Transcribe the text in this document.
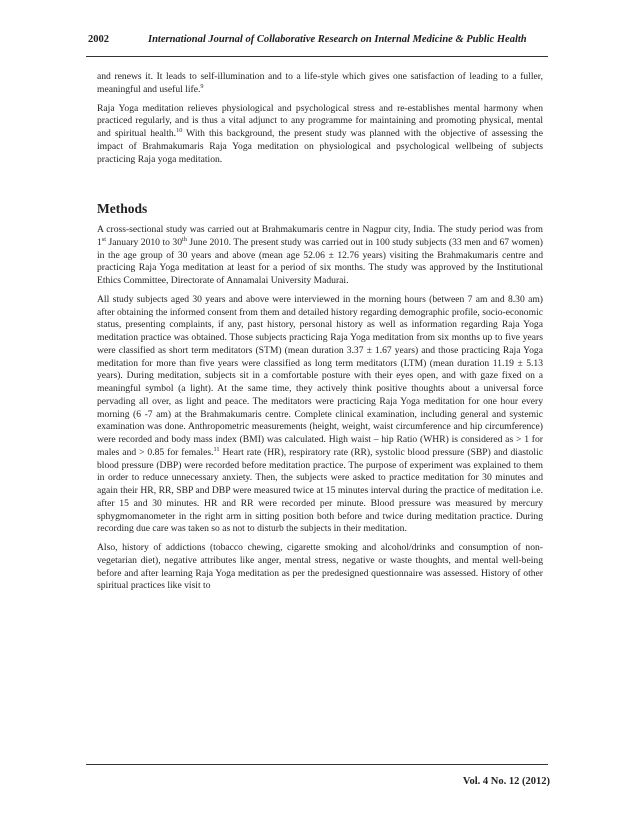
2002	International Journal of Collaborative Research on Internal Medicine & Public Health

and renews it. It leads to self-illumination and to a life-style which gives one satisfaction of leading to a fuller, meaningful and useful life.$^9$

Raja Yoga meditation relieves physiological and psychological stress and re-establishes mental harmony when practiced regularly, and is thus a vital adjunct to any programme for maintaining and promoting physical, mental and spiritual health.$^{10}$ With this background, the present study was planned with the objective of assessing the impact of Brahmakumaris Raja Yoga meditation on physiological and psychological wellbeing of subjects practicing Raja yoga meditation.

Methods

A cross-sectional study was carried out at Brahmakumaris centre in Nagpur city, India. The study period was from 1st January 2010 to 30th June 2010. The present study was carried out in 100 study subjects (33 men and 67 women) in the age group of 30 years and above (mean age 52.06 ± 12.76 years) visiting the Brahmakumaris centre and practicing Raja Yoga meditation at least for a period of six months. The study was approved by the Institutional Ethics Committee, Directorate of Annamalai University Madurai.

All study subjects aged 30 years and above were interviewed in the morning hours (between 7 am and 8.30 am) after obtaining the informed consent from them and detailed history regarding demographic profile, socio-economic status, presenting complaints, if any, past history, personal history as well as information regarding Raja Yoga meditation practice was obtained. Those subjects practicing Raja Yoga meditation from six months up to five years were classified as short term meditators (STM) (mean duration 3.37 ± 1.67 years) and those practicing Raja Yoga meditation for more than five years were classified as long term meditators (LTM) (mean duration 11.19 ± 5.13 years). During meditation, subjects sit in a comfortable posture with their eyes open, and with gaze fixed on a meaningful symbol (a light). At the same time, they actively think positive thoughts about a universal force pervading all over, as light and peace. The meditators were practicing Raja Yoga meditation for one hour every morning (6 -7 am) at the Brahmakumaris centre. Complete clinical examination, including general and systemic examination was done. Anthropometric measurements (height, weight, waist circumference and hip circumference) were recorded and body mass index (BMI) was calculated. High waist – hip Ratio (WHR) is considered as > 1 for males and > 0.85 for females.$^{11}$ Heart rate (HR), respiratory rate (RR), systolic blood pressure (SBP) and diastolic blood pressure (DBP) were recorded before meditation practice. The purpose of experiment was explained to them in order to reduce unnecessary anxiety. Then, the subjects were asked to practice meditation for 30 minutes and again their HR, RR, SBP and DBP were measured twice at 15 minutes interval during the practice of meditation i.e. after 15 and 30 minutes. HR and RR were recorded per minute. Blood pressure was measured by mercury sphygmomanometer in the right arm in sitting position both before and twice during meditation practice. During recording due care was taken so as not to disturb the subjects in their meditation.

Also, history of addictions (tobacco chewing, cigarette smoking and alcohol/drinks and consumption of non-vegetarian diet), negative attributes like anger, mental stress, negative or waste thoughts, and mental well-being before and after learning Raja Yoga meditation as per the predesigned questionnaire was assessed. History of other spiritual practices like visit to

Vol. 4 No. 12 (2012)
